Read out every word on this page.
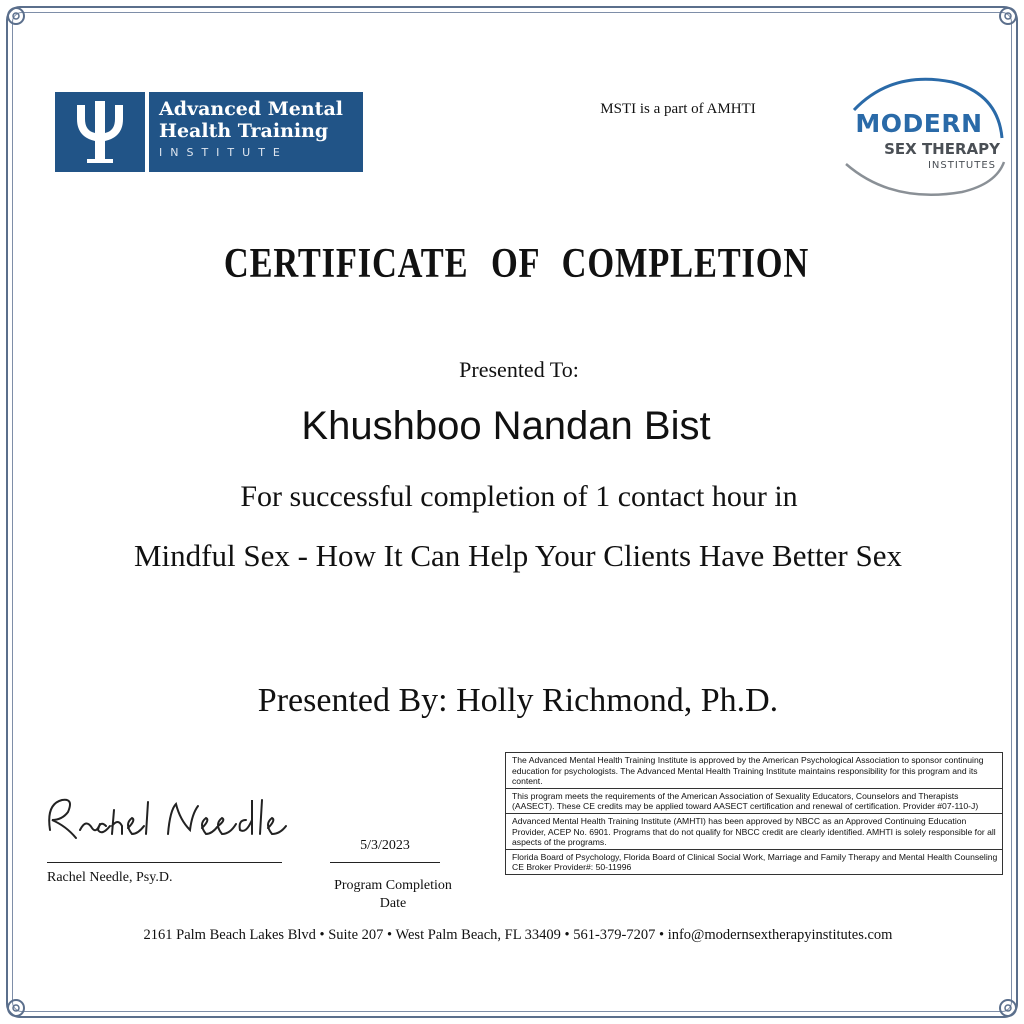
Advanced Mental
Health Training
INSTITUTE
MSTI is a part of AMHTI	MODERN
SEX THERAPY
INSTITUTES
CERTIFICATE OF COMPLETION
Presented To:
Khushboo Nandan Bist
For successful completion of 1 contact hour in
Mindful Sex - How It Can Help Your Clients Have Better Sex
Presented By: Holly Richmond, Ph.D.
Rachel Needle, Psy.D.
5/3/2023
Program Completion
Date
The Advanced Mental Health Training Institute is approved by the American Psychological Association to sponsor continuing education for psychologists. The Advanced Mental Health Training Institute maintains responsibility for this program and its content.
This program meets the requirements of the American Association of Sexuality Educators, Counselors and Therapists (AASECT). These CE credits may be applied toward AASECT certification and renewal of certification. Provider #07-110-J)
Advanced Mental Health Training Institute (AMHTI) has been approved by NBCC as an Approved Continuing Education Provider, ACEP No. 6901. Programs that do not qualify for NBCC credit are clearly identified. AMHTI is solely responsible for all aspects of the programs.
Florida Board of Psychology, Florida Board of Clinical Social Work, Marriage and Family Therapy and Mental Health Counseling CE Broker Provider#: 50-11996
2161 Palm Beach Lakes Blvd • Suite 207 • West Palm Beach, FL 33409 • 561-379-7207 • info@modernsextherapyinstitutes.com
